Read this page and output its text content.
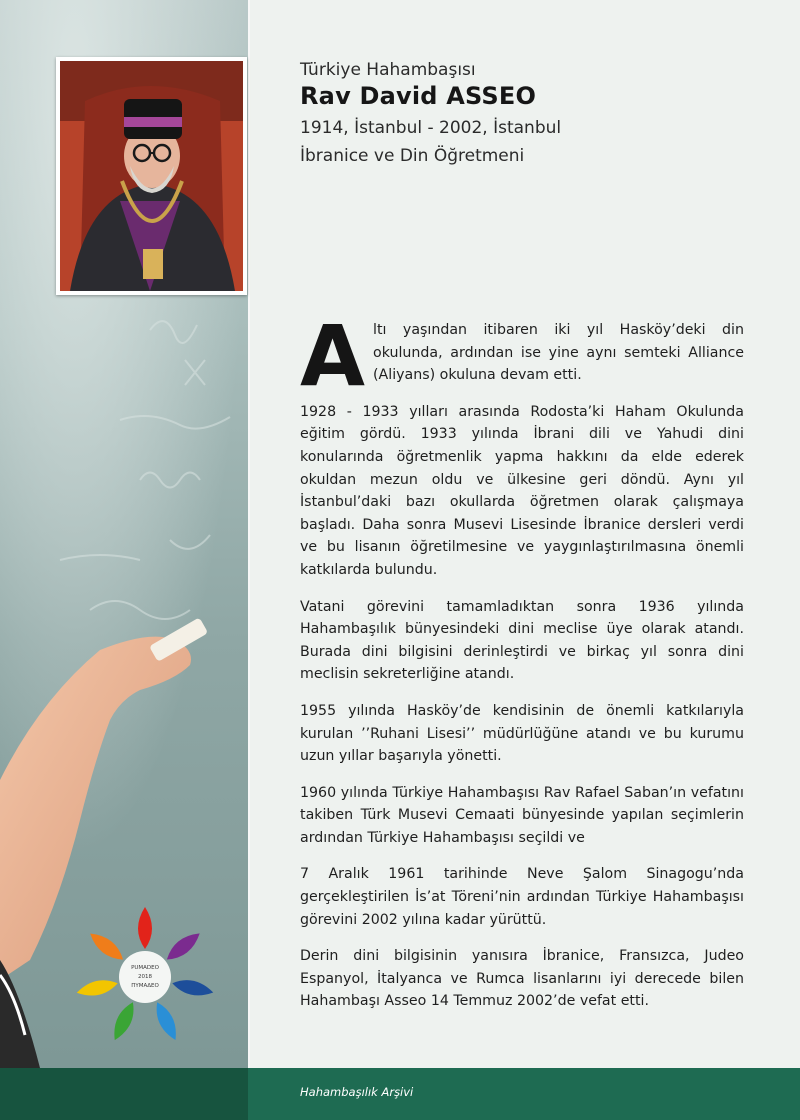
Türkiye Hahambaşısı
Rav David ASSEO
1914, İstanbul - 2002, İstanbul
İbranice ve Din Öğretmeni

Altı yaşından itibaren iki yıl Hasköy’deki din okulunda, ardından ise yine aynı semteki Alliance (Aliyans) okuluna devam etti.

1928 - 1933 yılları arasında Rodosta’ki Haham Okulunda eğitim gördü. 1933 yılında İbrani dili ve Yahudi dini konularında öğretmenlik yapma hakkını da elde ederek okuldan mezun oldu ve ülkesine geri döndü. Aynı yıl İstanbul’daki bazı okullarda öğretmen olarak çalışmaya başladı. Daha sonra Musevi Lisesinde İbranice dersleri verdi ve bu lisanın öğretilmesine ve yaygınlaştırılmasına önemli katkılarda bulundu.

Vatani görevini tamamladıktan sonra 1936 yılında Hahambaşılık bünyesindeki dini meclise üye olarak atandı. Burada dini bilgisini derinleştirdi ve birkaç yıl sonra dini meclisin sekreterliğine atandı.

1955 yılında Hasköy’de kendisinin de önemli katkılarıyla kurulan ’’Ruhani Lisesi’’ müdürlüğüne atandı ve bu kurumu uzun yıllar başarıyla yönetti.

1960 yılında Türkiye Hahambaşısı Rav Rafael Saban’ın vefatını takiben Türk Musevi Cemaati bünyesinde yapılan seçimlerin ardından Türkiye Hahambaşısı seçildi ve

7 Aralık 1961 tarihinde Neve Şalom Sinagogu’nda gerçekleştirilen İs’at Töreni’nin ardından Türkiye Hahambaşısı görevini 2002 yılına kadar yürüttü.

Derin dini bilgisinin yanısıra İbranice, Fransızca, Judeo Espanyol, İtalyanca ve Rumca lisanlarını iyi derecede bilen Hahambaşı Asseo 14 Temmuz 2002’de vefat etti.

PUMADEO
2018
ΠΥΜΑΔΕΟ
Hahambaşılık Arşivi
